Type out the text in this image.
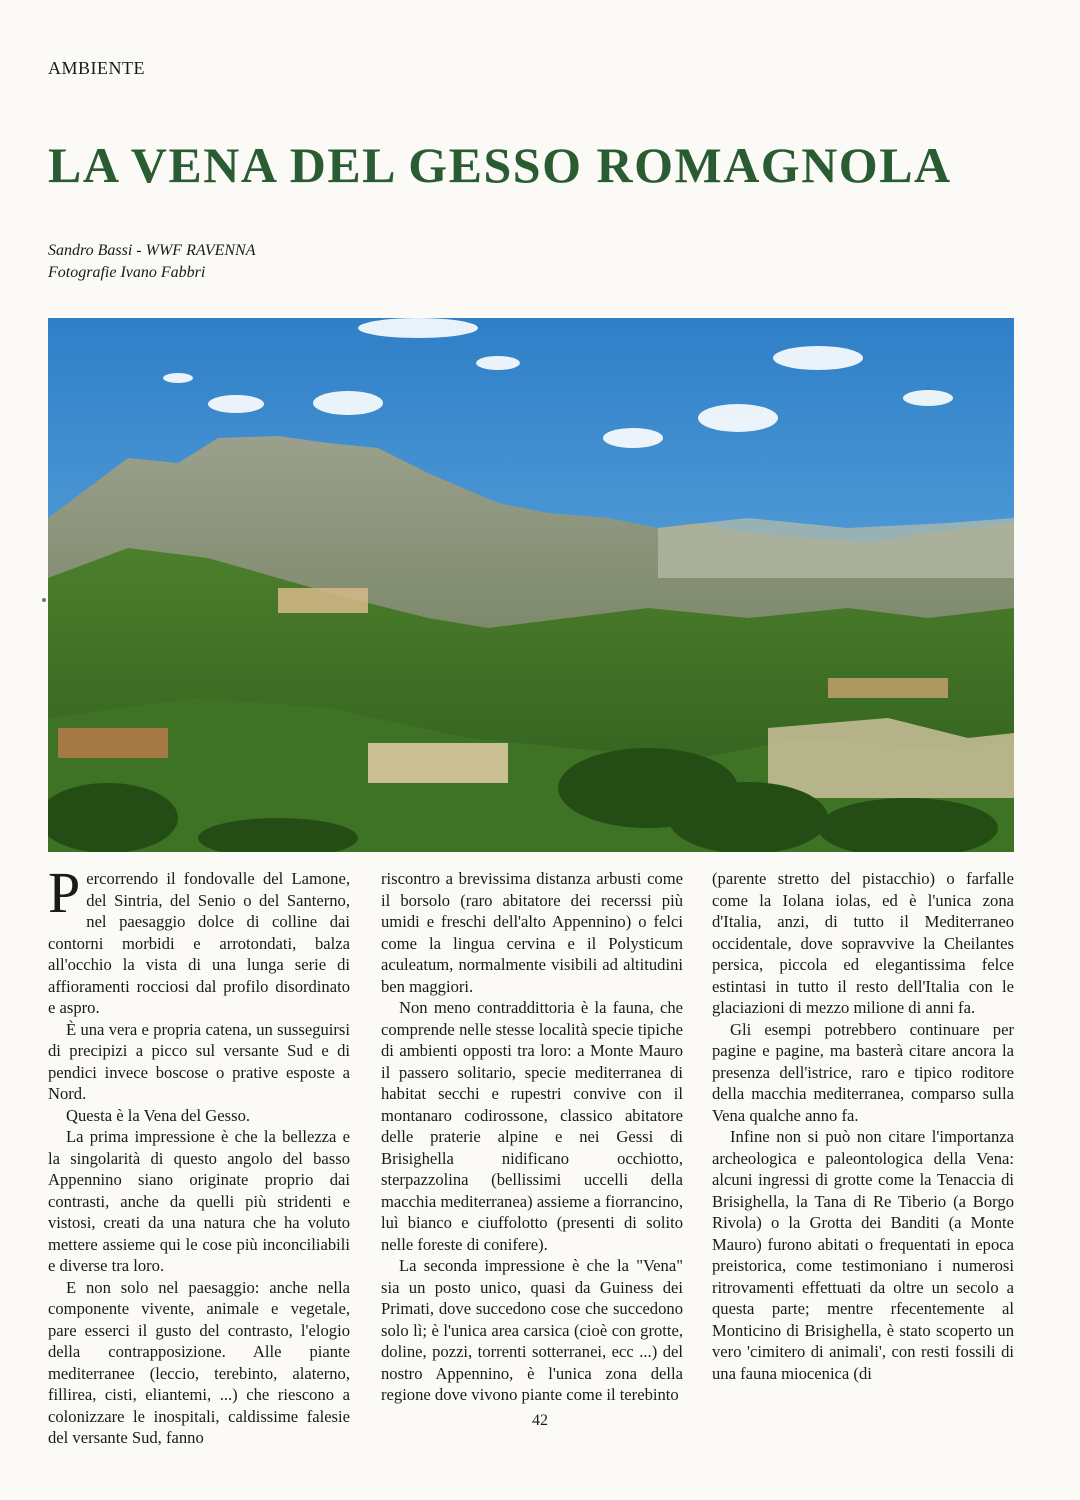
AMBIENTE
LA VENA DEL GESSO ROMAGNOLA
Sandro Bassi - WWF RAVENNA
Fotografie Ivano Fabbri

Percorrendo il fondovalle del Lamone, del Sintria, del Senio o del Santerno, nel paesaggio dolce di colline dai contorni morbidi e arrotondati, balza all'occhio la vista di una lunga serie di affioramenti rocciosi dal profilo disordinato e aspro.

È una vera e propria catena, un susseguirsi di precipizi a picco sul versante Sud e di pendici invece boscose o prative esposte a Nord.

Questa è la Vena del Gesso.

La prima impressione è che la bellezza e la singolarità di questo angolo del basso Appennino siano originate proprio dai contrasti, anche da quelli più stridenti e vistosi, creati da una natura che ha voluto mettere assieme qui le cose più inconciliabili e diverse tra loro.

E non solo nel paesaggio: anche nella componente vivente, animale e vegetale, pare esserci il gusto del contrasto, l'elogio della contrapposizione. Alle piante mediterranee (leccio, terebinto, alaterno, fillirea, cisti, eliantemi, ...) che riescono a colonizzare le inospitali, caldissime falesie del versante Sud, fanno

riscontro a brevissima distanza arbusti come il borsolo (raro abitatore dei recerssi più umidi e freschi dell'alto Appennino) o felci come la lingua cervina e il Polysticum aculeatum, normalmente visibili ad altitudini ben maggiori.

Non meno contraddittoria è la fauna, che comprende nelle stesse località specie tipiche di ambienti opposti tra loro: a Monte Mauro il passero solitario, specie mediterranea di habitat secchi e rupestri convive con il montanaro codirossone, classico abitatore delle praterie alpine e nei Gessi di Brisighella nidificano occhiotto, sterpazzolina (bellissimi uccelli della macchia mediterranea) assieme a fiorrancino, luì bianco e ciuffolotto (presenti di solito nelle foreste di conifere).

La seconda impressione è che la "Vena" sia un posto unico, quasi da Guiness dei Primati, dove succedono cose che succedono solo lì; è l'unica area carsica (cioè con grotte, doline, pozzi, torrenti sotterranei, ecc ...) del nostro Appennino, è l'unica zona della regione dove vivono piante come il terebinto

(parente stretto del pistacchio) o farfalle come la Iolana iolas, ed è l'unica zona d'Italia, anzi, di tutto il Mediterraneo occidentale, dove sopravvive la Cheilantes persica, piccola ed elegantissima felce estintasi in tutto il resto dell'Italia con le glaciazioni di mezzo milione di anni fa.

Gli esempi potrebbero continuare per pagine e pagine, ma basterà citare ancora la presenza dell'istrice, raro e tipico roditore della macchia mediterranea, comparso sulla Vena qualche anno fa.

Infine non si può non citare l'importanza archeologica e paleontologica della Vena: alcuni ingressi di grotte come la Tenaccia di Brisighella, la Tana di Re Tiberio (a Borgo Rivola) o la Grotta dei Banditi (a Monte Mauro) furono abitati o frequentati in epoca preistorica, come testimoniano i numerosi ritrovamenti effettuati da oltre un secolo a questa parte; mentre rfecentemente al Monticino di Brisighella, è stato scoperto un vero 'cimitero di animali', con resti fossili di una fauna miocenica (di

42
